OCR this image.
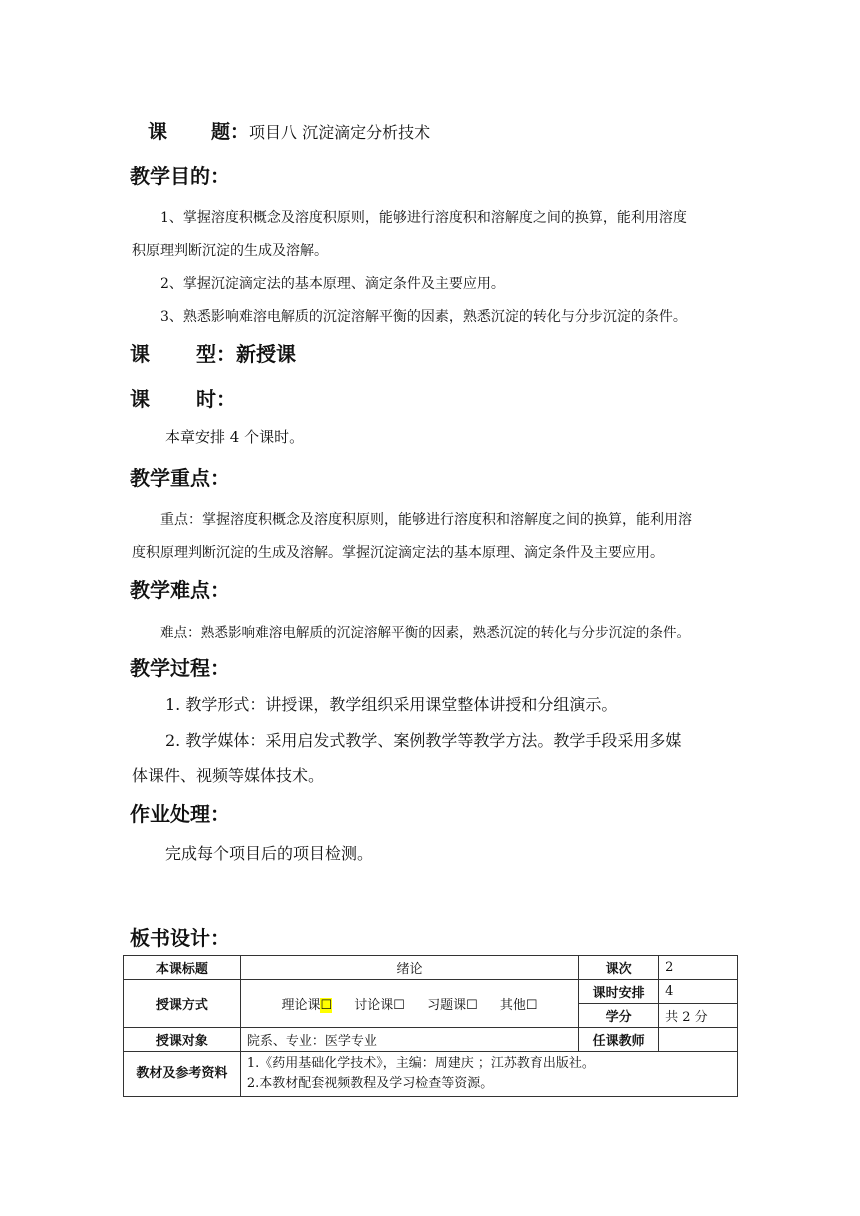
课 题：项目八 沉淀滴定分析技术
教学目的：
1、掌握溶度积概念及溶度积原则，能够进行溶度积和溶解度之间的换算，能利用溶度
积原理判断沉淀的生成及溶解。
2、掌握沉淀滴定法的基本原理、滴定条件及主要应用。
3、熟悉影响难溶电解质的沉淀溶解平衡的因素，熟悉沉淀的转化与分步沉淀的条件。
课 型：新授课
课 时：
本章安排 4 个课时。
教学重点：
重点：掌握溶度积概念及溶度积原则，能够进行溶度积和溶解度之间的换算，能利用溶
度积原理判断沉淀的生成及溶解。掌握沉淀滴定法的基本原理、滴定条件及主要应用。
教学难点：
难点：熟悉影响难溶电解质的沉淀溶解平衡的因素，熟悉沉淀的转化与分步沉淀的条件。
教学过程：
1. 教学形式：讲授课，教学组织采用课堂整体讲授和分组演示。
2. 教学媒体：采用启发式教学、案例教学等教学方法。教学手段采用多媒
体课件、视频等媒体技术。
作业处理：
完成每个项目后的项目检测。
板书设计：
本课标题	绪论	课次	2
授课方式	理论课☐ 讨论课☐ 习题课☐ 其他☐	课时安排	4
		学分	共 2 分
授课对象	院系、专业：医学专业	任课教师	
教材及参考资料	1.《药用基础化学技术》，主编：周建庆 ；江苏教育出版社。
2.本教材配套视频教程及学习检查等资源。		
